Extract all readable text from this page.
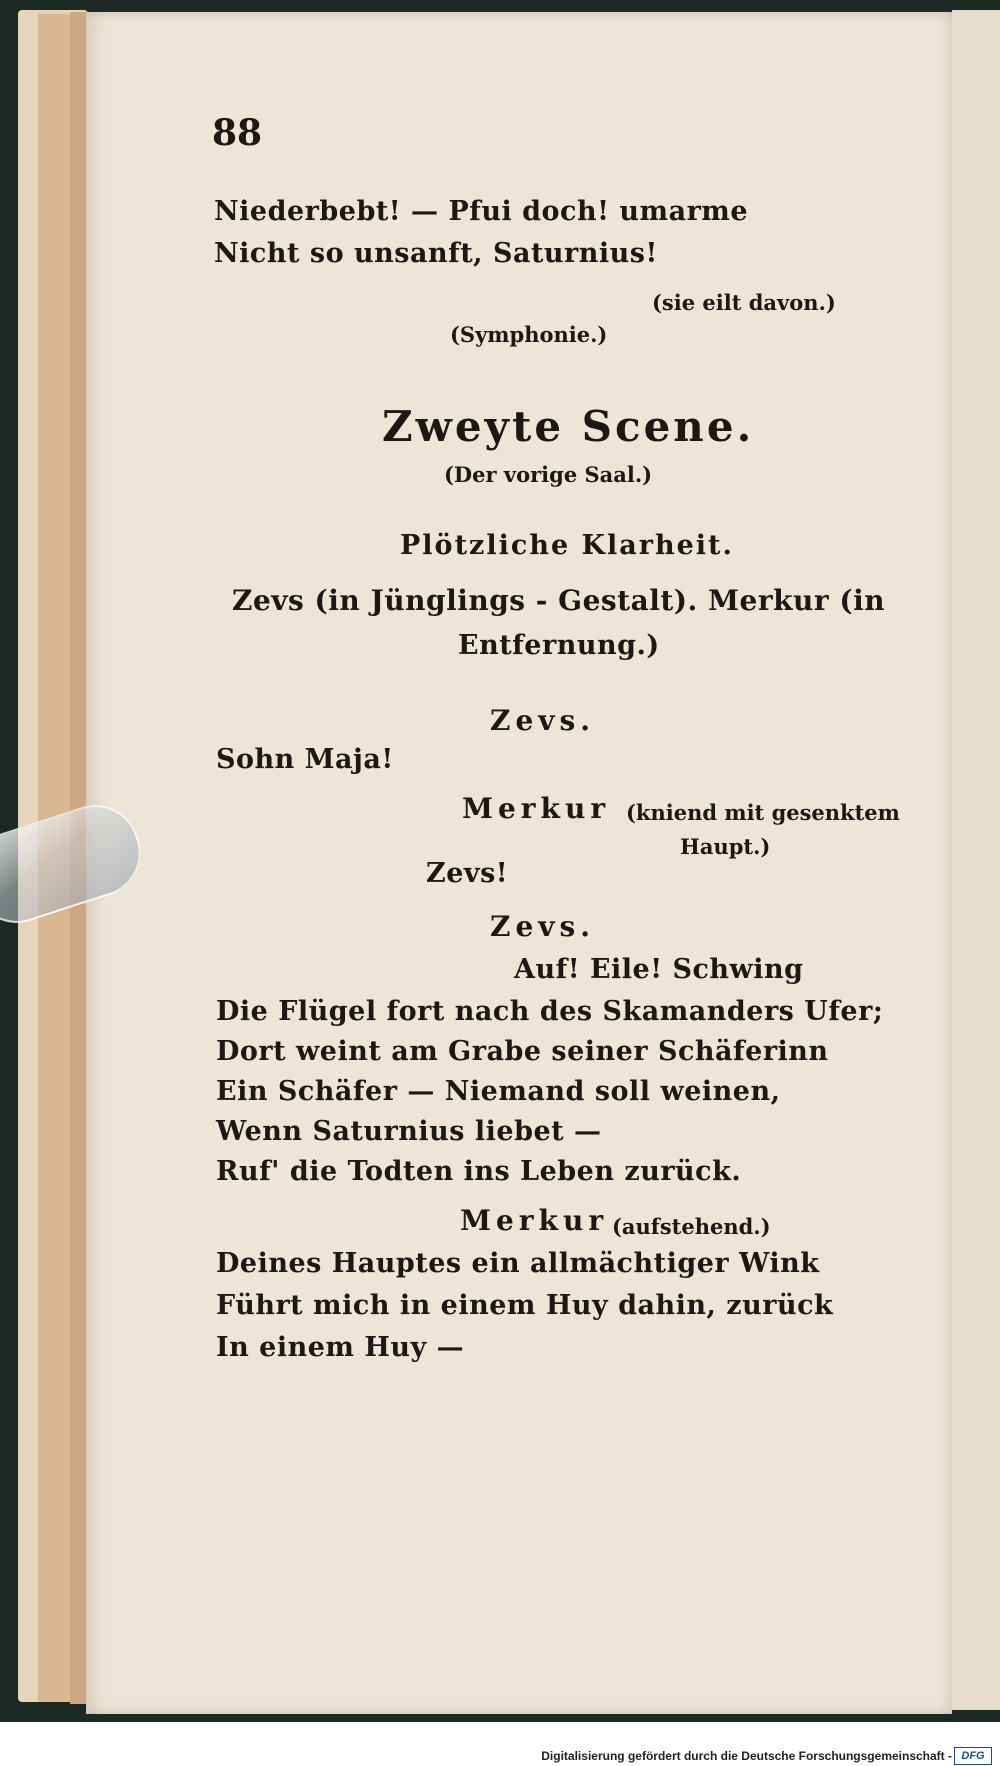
88
Niederbebt! — Pfui doch! umarme
Nicht so unsanft, Saturnius!
(sie eilt davon.)
(Symphonie.)
Zweyte Scene.
(Der vorige Saal.)
Plötzliche Klarheit.
Zevs (in Jünglings - Gestalt). Merkur (in
Entfernung.)
Zevs.
Sohn Maja!
Merkur (kniend mit gesenktem
Haupt.)
Zevs!
Zevs.
Auf! Eile! Schwing
Die Flügel fort nach des Skamanders Ufer;
Dort weint am Grabe seiner Schäferinn
Ein Schäfer — Niemand soll weinen,
Wenn Saturnius liebet —
Ruf' die Todten ins Leben zurück.
Merkur (aufstehend.)
Deines Hauptes ein allmächtiger Wink
Führt mich in einem Huy dahin, zurück
In einem Huy —
Digitalisierung gefördert durch die Deutsche Forschungsgemeinschaft - DFG
